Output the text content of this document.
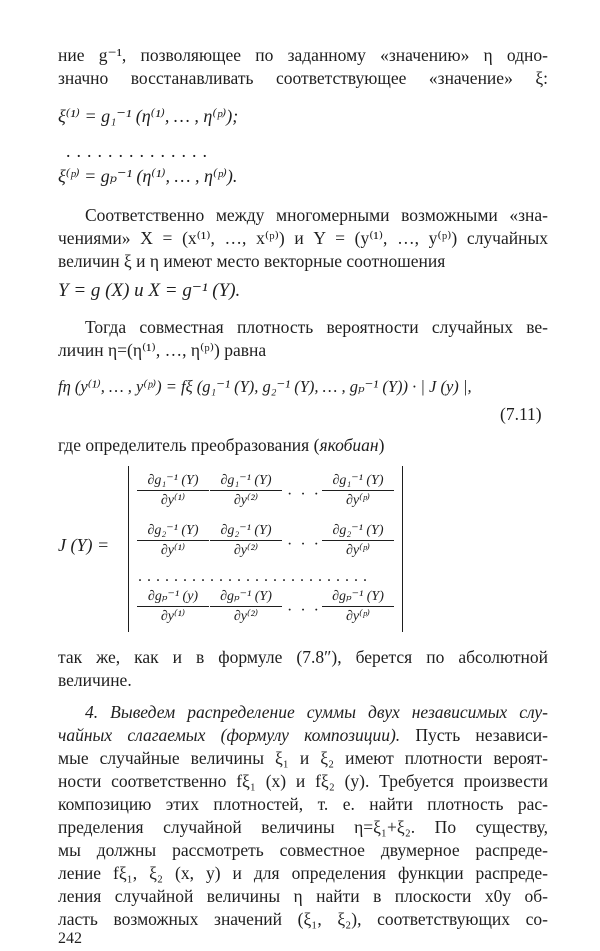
ние g⁻¹, позволяющее по заданному «значению» η одно-
значно восстанавливать соответствующее «значение» ξ:
ξ⁽¹⁾ = g₁⁻¹ (η⁽¹⁾, … , η⁽ᵖ⁾);
..............
ξ⁽ᵖ⁾ = gₚ⁻¹ (η⁽¹⁾, … , η⁽ᵖ⁾).
Соответственно между многомерными возможными «зна-
чениями» X = (x⁽¹⁾, …, x⁽ᵖ⁾) и Y = (y⁽¹⁾, …, y⁽ᵖ⁾) случайных
величин ξ и η имеют место векторные соотношения
Y = g (X) и X = g⁻¹ (Y).
Тогда совместная плотность вероятности случайных ве-
личин η=(η⁽¹⁾, …, η⁽ᵖ⁾) равна
fη (y⁽¹⁾, … , y⁽ᵖ⁾) = fξ (g₁⁻¹ (Y), g₂⁻¹ (Y), … , gₚ⁻¹ (Y)) · | J (y) |,
(7.11)
где определитель преобразования (якобиан)
J (Y) =
$\frac{\text{∂g₁⁻¹ (Y)}}{\text{∂y⁽¹⁾}} \frac{\text{∂g₁⁻¹ (Y)}}{\text{∂y⁽²⁾}}$ · · · $\frac{\text{∂g₁⁻¹ (Y)}}{\text{∂y⁽ᵖ⁾}}$
$\frac{\text{∂g₂⁻¹ (Y)}}{\text{∂y⁽¹⁾}} \frac{\text{∂g₂⁻¹ (Y)}}{\text{∂y⁽²⁾}}$ · · · $\frac{\text{∂g₂⁻¹ (Y)}}{\text{∂y⁽ᵖ⁾}}$
..........................
$\frac{\text{∂gₚ⁻¹ (y)}}{\text{∂y⁽¹⁾}} \frac{\text{∂gₚ⁻¹ (Y)}}{\text{∂y⁽²⁾}}$ · · · $\frac{\text{∂gₚ⁻¹ (Y)}}{\text{∂y⁽ᵖ⁾}}$
так же, как и в формуле (7.8″), берется по абсолютной
величине.
4. Выведем распределение суммы двух независимых слу-
чайных слагаемых (формулу композиции). Пусть независи-
мые случайные величины ξ₁ и ξ₂ имеют плотности вероят-
ности соответственно fξ₁ (x) и fξ₂ (y). Требуется произвести
композицию этих плотностей, т. е. найти плотность рас-
пределения случайной величины η=ξ₁+ξ₂. По существу,
мы должны рассмотреть совместное двумерное распреде-
ление fξ₁, ξ₂ (x, y) и для определения функции распреде-
ления случайной величины η найти в плоскости x0y об-
ласть возможных значений (ξ₁, ξ₂), соответствующих со-
242
